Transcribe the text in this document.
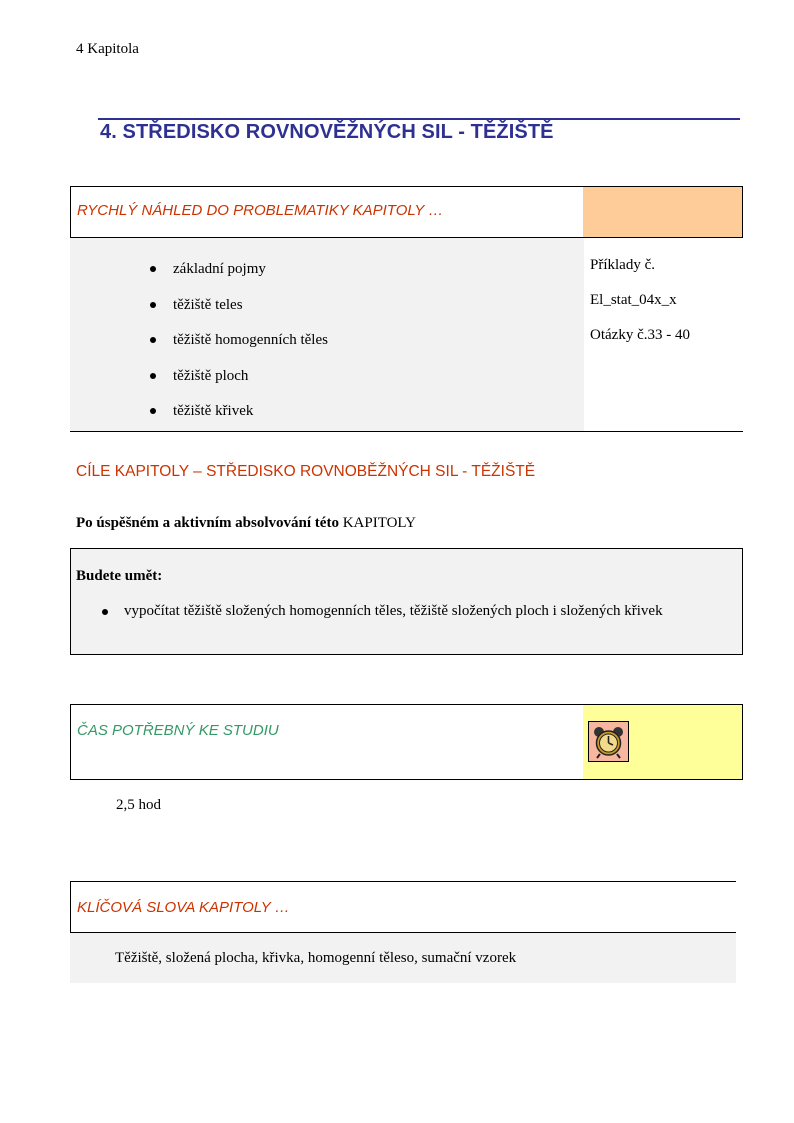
4 Kapitola
4. STŘEDISKO ROVNOVĚŽNÝCH SIL - TĚŽIŠTĚ
RYCHLÝ NÁHLED DO PROBLEMATIKY KAPITOLY …
základní pojmy
těžiště teles
těžiště homogenních těles
těžiště ploch
těžiště křivek
Příklady č.
El_stat_04x_x
Otázky č.33 - 40
CÍLE KAPITOLY – STŘEDISKO ROVNOBĚŽNÝCH SIL - TĚŽIŠTĚ
Po úspěšném a aktivním absolvování této KAPITOLY
Budete umět:
vypočítat těžiště složených homogenních těles, těžiště složených ploch i složených křivek
ČAS POTŘEBNÝ KE STUDIU
2,5 hod
KLÍČOVÁ SLOVA KAPITOLY …
Těžiště, složená plocha, křivka, homogenní těleso, sumační vzorek
